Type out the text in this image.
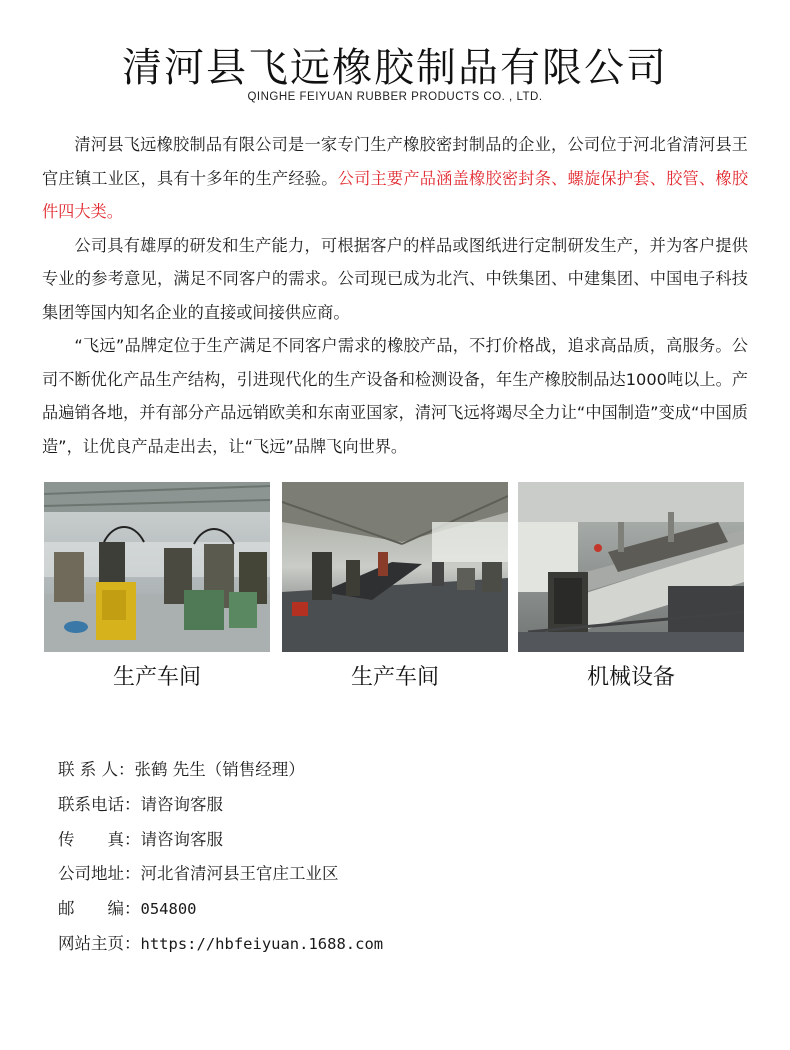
清河县飞远橡胶制品有限公司
QINGHE FEIYUAN RUBBER PRODUCTS CO. , LTD.

清河县飞远橡胶制品有限公司是一家专门生产橡胶密封制品的企业，公司位于河北省清河县王官庄镇工业区，具有十多年的生产经验。公司主要产品涵盖橡胶密封条、螺旋保护套、胶管、橡胶件四大类。

公司具有雄厚的研发和生产能力，可根据客户的样品或图纸进行定制研发生产，并为客户提供专业的参考意见，满足不同客户的需求。公司现已成为北汽、中铁集团、中建集团、中国电子科技集团等国内知名企业的直接或间接供应商。

“飞远”品牌定位于生产满足不同客户需求的橡胶产品，不打价格战，追求高品质，高服务。公司不断优化产品生产结构，引进现代化的生产设备和检测设备，年生产橡胶制品达1000吨以上。产品遍销各地，并有部分产品远销欧美和东南亚国家，清河飞远将竭尽全力让“中国制造”变成“中国质造”，让优良产品走出去，让“飞远”品牌飞向世界。

生产车间	生产车间	机械设备
联 系 人：张鹤 先生（销售经理）
联系电话：请咨询客服
传　　真：请咨询客服
公司地址：河北省清河县王官庄工业区
邮　　编：054800
网站主页：https://hbfeiyuan.1688.com
